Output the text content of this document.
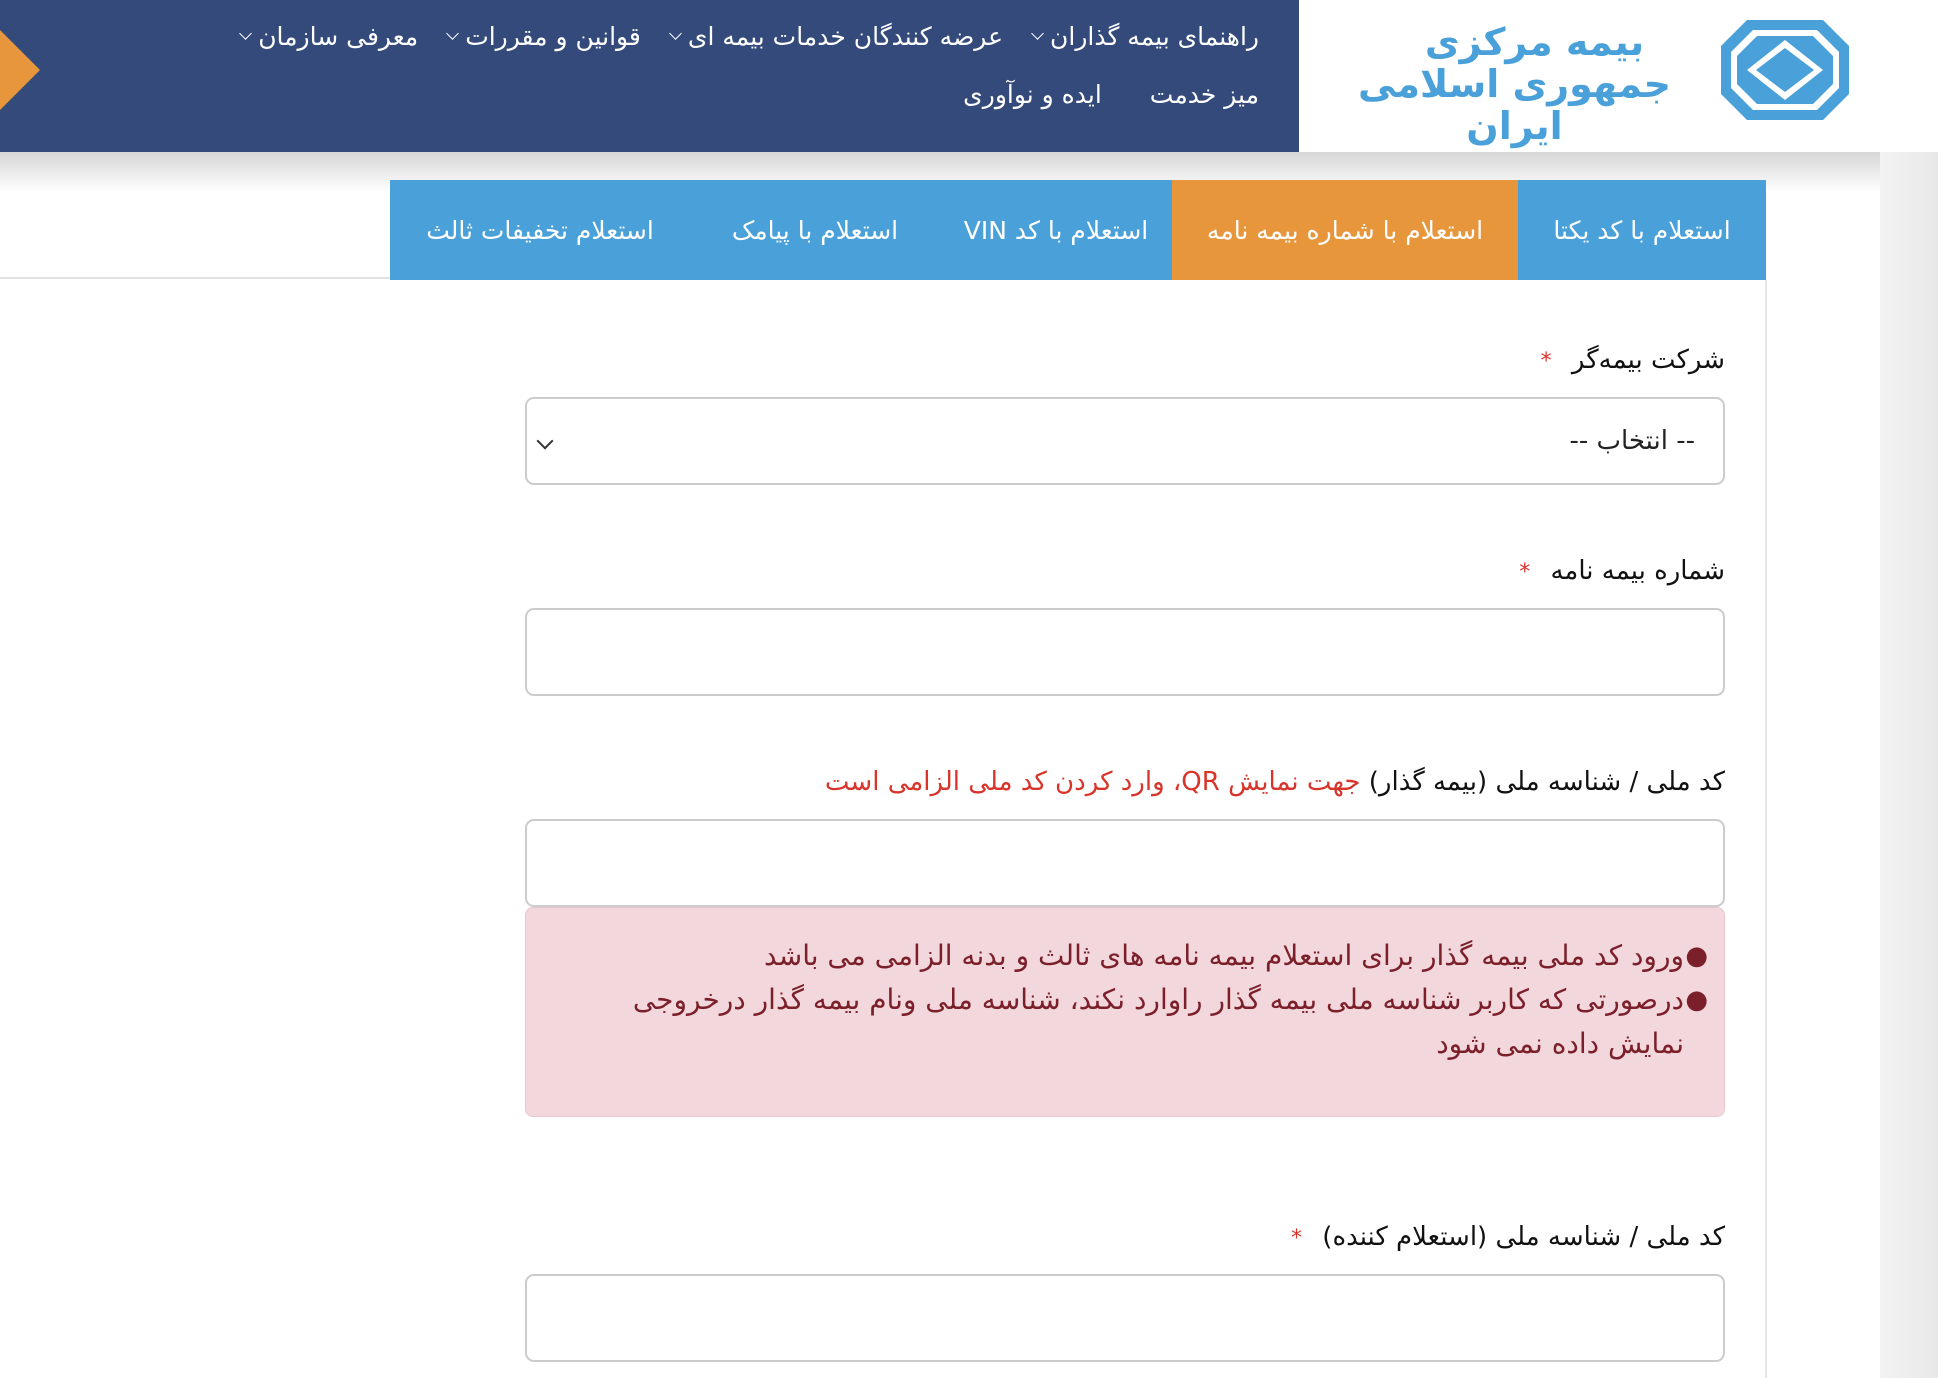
معرفی سازمان قوانین و مقررات عرضه کنندگان خدمات بیمه ای راهنمای بیمه گذاران
ایده و نوآوری میز خدمت
بیمه مرکزی
جمهوری اسلامی ایران
استعلام با کد یکتا
استعلام با شماره بیمه نامه
استعلام با کد VIN
استعلام با پیامک
استعلام تخفیفات ثالث
شرکت بیمه‌گر *
-- انتخاب --
شماره بیمه نامه *
کد ملی / شناسه ملی (بیمه گذار) جهت نمایش QR، وارد کردن کد ملی الزامی است
●
ورود کد ملی بیمه گذار برای استعلام بیمه نامه های ثالث و بدنه الزامی می باشد
●
درصورتی که کاربر شناسه ملی بیمه گذار راوارد نکند، شناسه ملی ونام بیمه گذار درخروجی نمایش داده نمی شود
کد ملی / شناسه ملی (استعلام کننده) *
